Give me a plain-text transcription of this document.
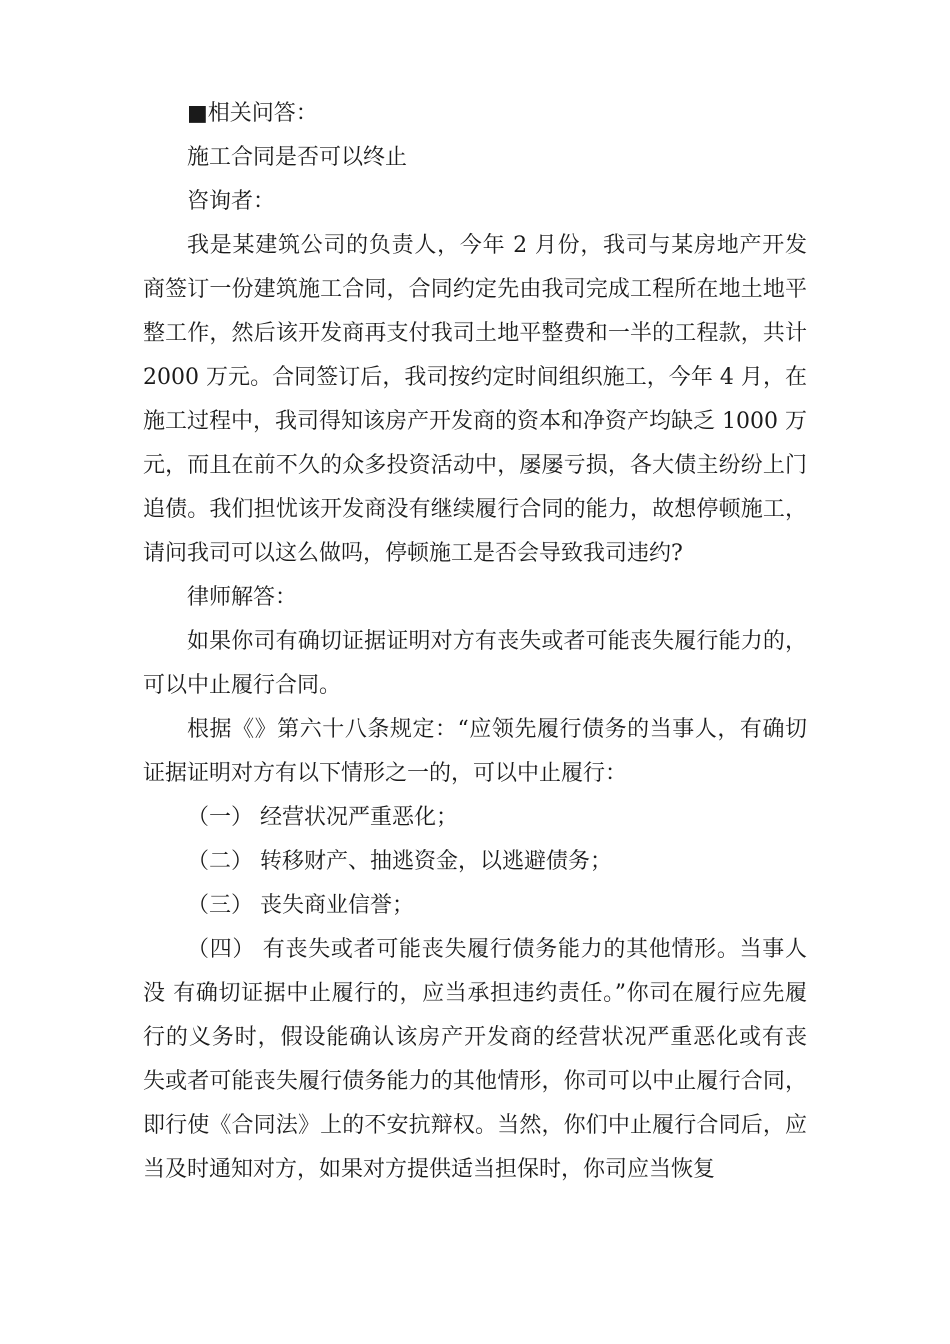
■相关问答：

施工合同是否可以终止

咨询者：

我是某建筑公司的负责人，今年 2 月份，我司与某房地产开发商签订一份建筑施工合同，合同约定先由我司完成工程所在地土地平整工作，然后该开发商再支付我司土地平整费和一半的工程款，共计 2000 万元。合同签订后，我司按约定时间组织施工，今年 4 月，在施工过程中，我司得知该房产开发商的资本和净资产均缺乏 1000 万元，而且在前不久的众多投资活动中，屡屡亏损，各大债主纷纷上门追债。我们担忧该开发商没有继续履行合同的能力，故想停顿施工，请问我司可以这么做吗，停顿施工是否会导致我司违约?

律师解答：

如果你司有确切证据证明对方有丧失或者可能丧失履行能力的，可以中止履行合同。

根据《》第六十八条规定：“应领先履行债务的当事人，有确切证据证明对方有以下情形之一的，可以中止履行：

（一） 经营状况严重恶化；

（二） 转移财产、抽逃资金，以逃避债务；

（三） 丧失商业信誉；

（四） 有丧失或者可能丧失履行债务能力的其他情形。当事人没 有确切证据中止履行的，应当承担违约责任。”你司在履行应先履 行的义务时，假设能确认该房产开发商的经营状况严重恶化或有丧 失或者可能丧失履行债务能力的其他情形，你司可以中止履行合同，即行使《合同法》上的不安抗辩权。当然，你们中止履行合同后，应当及时通知对方，如果对方提供适当担保时，你司应当恢复
